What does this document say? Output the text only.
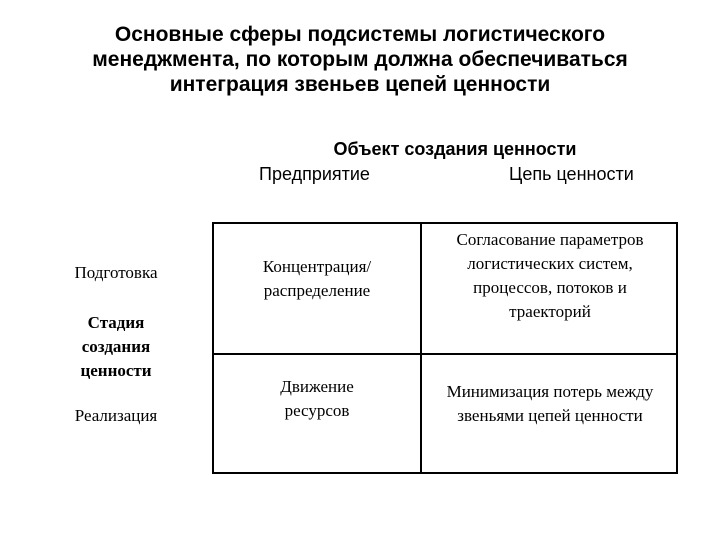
Основные сферы подсистемы логистического
менеджмента, по которым должна обеспечиваться
интеграция звеньев цепей ценности
Объект создания ценности
Предприятие	Цепь ценности
Подготовка
Стадия
создания
ценности
Реализация
Концентрация/
распределение
Согласование параметров
логистических систем,
процессов, потоков и
траекторий
Движение
ресурсов
Минимизация потерь между
звеньями цепей ценности
